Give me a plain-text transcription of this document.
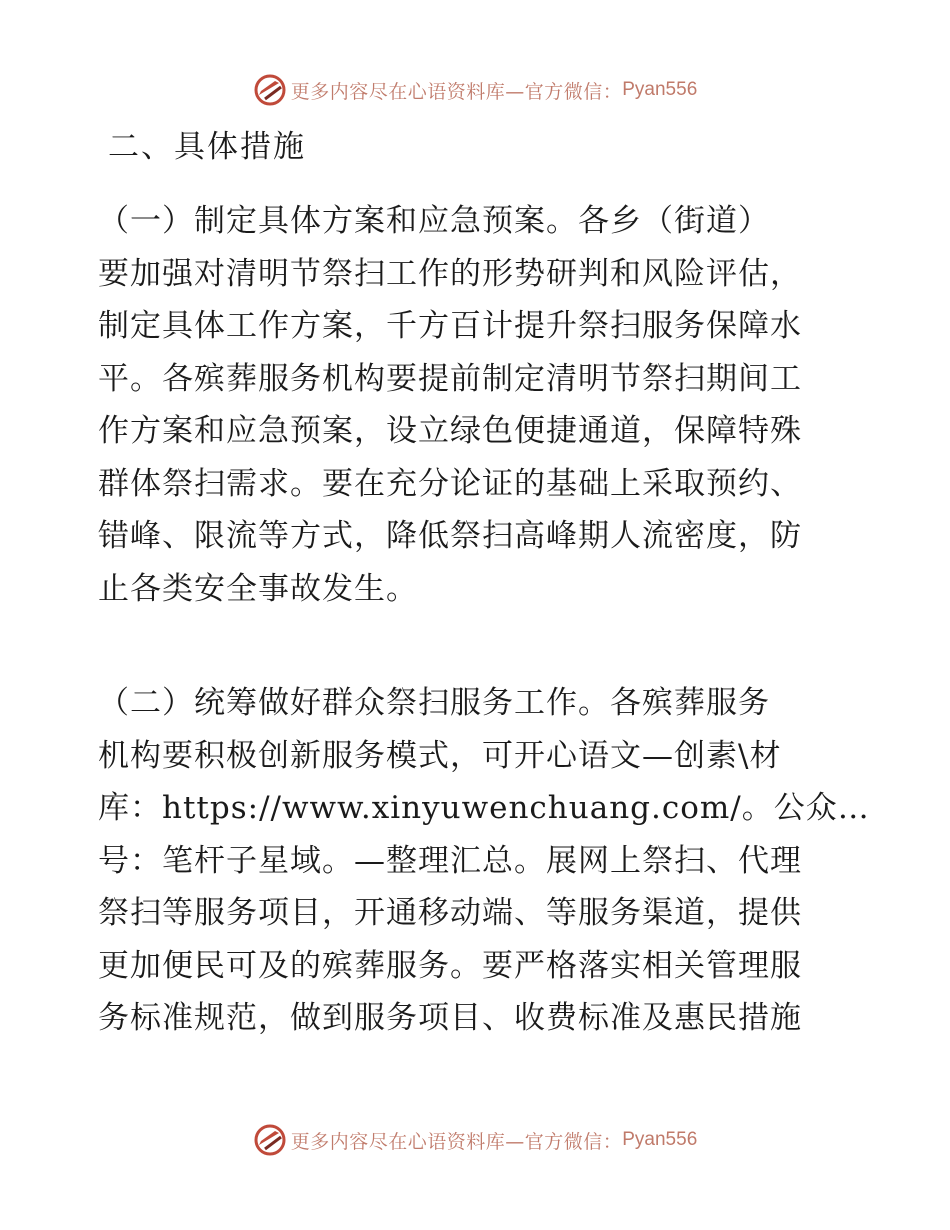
更多内容尽在心语资料库—官方微信： Pyan556
二、具体措施
（一）制定具体方案和应急预案。各乡（街道）
要加强对清明节祭扫工作的形势研判和风险评估，
制定具体工作方案，千方百计提升祭扫服务保障水
平。各殡葬服务机构要提前制定清明节祭扫期间工
作方案和应急预案，设立绿色便捷通道，保障特殊
群体祭扫需求。要在充分论证的基础上采取预约、
错峰、限流等方式，降低祭扫高峰期人流密度，防
止各类安全事故发生。
（二）统筹做好群众祭扫服务工作。各殡葬服务
机构要积极创新服务模式，可开心语文—创素\材
库：https://www.xinyuwenchuang.com/。公众…
号：笔杆子星域。—整理汇总。展网上祭扫、代理
祭扫等服务项目，开通移动端、等服务渠道，提供
更加便民可及的殡葬服务。要严格落实相关管理服
务标准规范，做到服务项目、收费标准及惠民措施
更多内容尽在心语资料库—官方微信： Pyan556
